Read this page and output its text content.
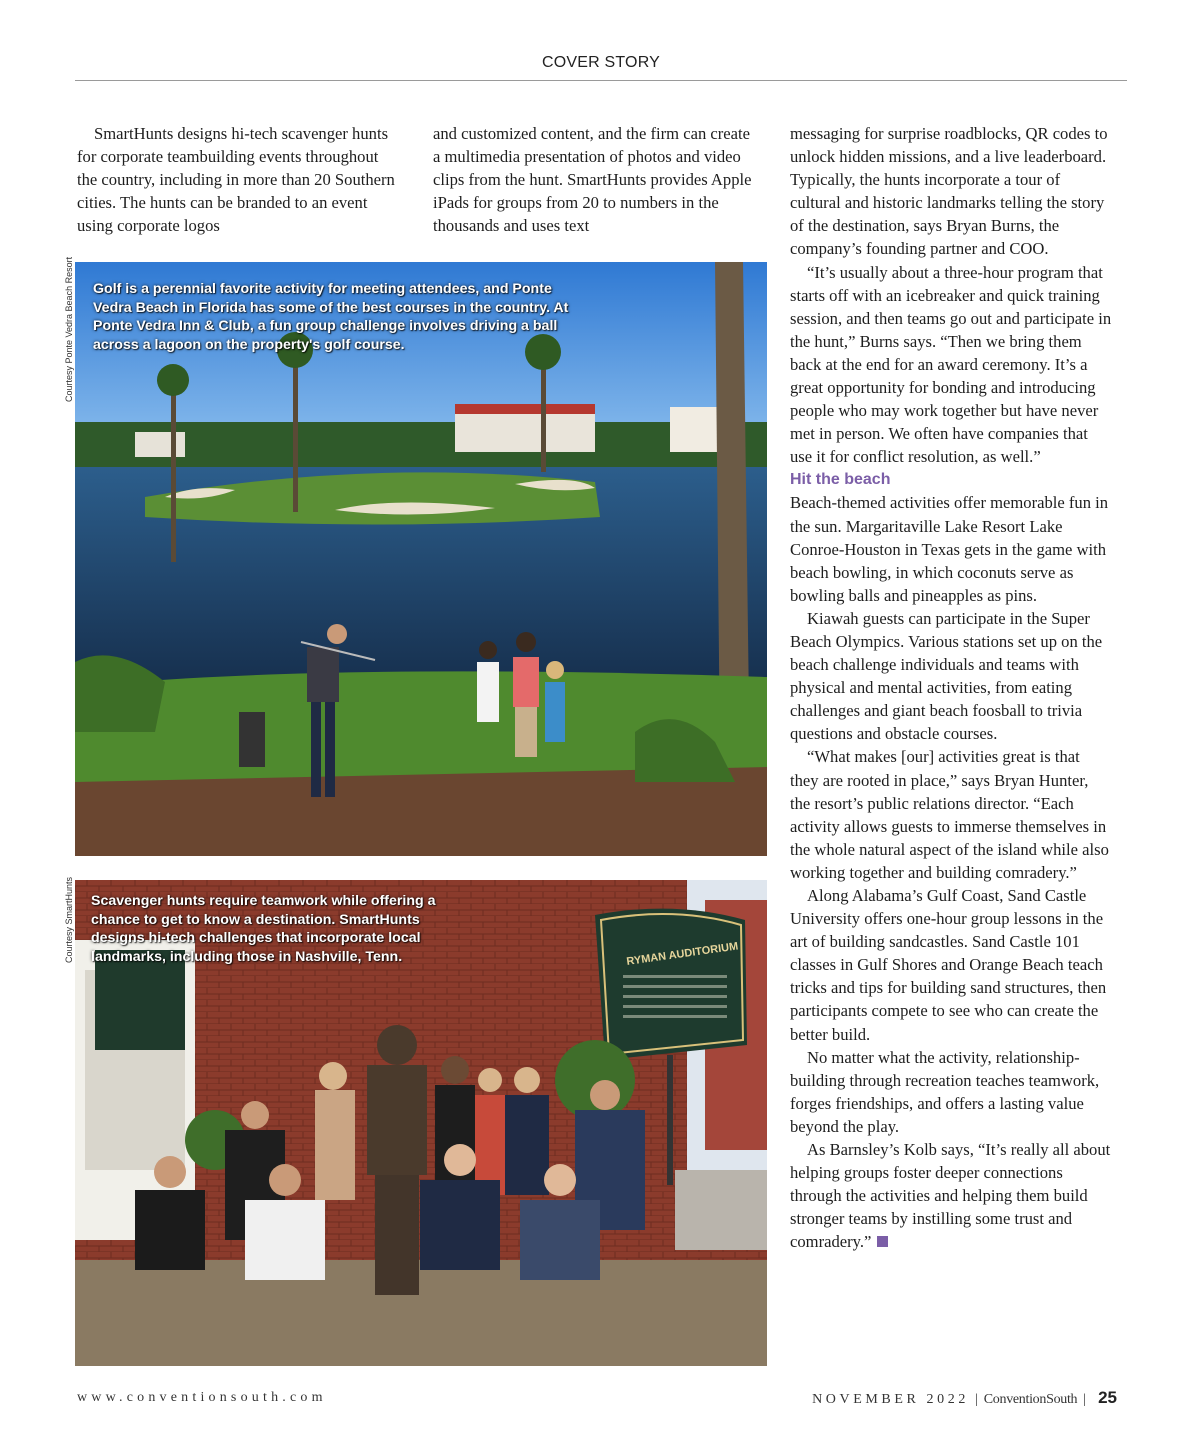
COVER STORY

SmartHunts designs hi-tech scavenger hunts for corporate teambuilding events throughout the country, including in more than 20 Southern cities. The hunts can be branded to an event using corporate logos

and customized content, and the firm can create a multimedia presentation of photos and video clips from the hunt. SmartHunts provides Apple iPads for groups from 20 to numbers in the thousands and uses text

messaging for surprise roadblocks, QR codes to unlock hidden missions, and a live leaderboard. Typically, the hunts incorporate a tour of cultural and historic landmarks telling the story of the destination, says Bryan Burns, the company’s founding partner and COO.

“It’s usually about a three-hour program that starts off with an icebreaker and quick training session, and then teams go out and participate in the hunt,” Burns says. “Then we bring them back at the end for an award ceremony. It’s a great opportunity for bonding and introducing people who may work together but have never met in person. We often have companies that use it for conflict resolution, as well.”

Hit the beach

Beach-themed activities offer memorable fun in the sun. Margaritaville Lake Resort Lake Conroe-Houston in Texas gets in the game with beach bowling, in which coconuts serve as bowling balls and pineapples as pins.

Kiawah guests can participate in the Super Beach Olympics. Various stations set up on the beach challenge individuals and teams with physical and mental activities, from eating challenges and giant beach foosball to trivia questions and obstacle courses.

“What makes [our] activities great is that they are rooted in place,” says Bryan Hunter, the resort’s public relations director. “Each activity allows guests to immerse themselves in the whole natural aspect of the island while also working together and building comradery.”

Along Alabama’s Gulf Coast, Sand Castle University offers one-hour group lessons in the art of building sandcastles. Sand Castle 101 classes in Gulf Shores and Orange Beach teach tricks and tips for building sand structures, then participants compete to see who can create the better build.

No matter what the activity, relationship-building through recreation teaches teamwork, forges friendships, and offers a lasting value beyond the play.

As Barnsley’s Kolb says, “It’s really all about helping groups foster deeper connections through the activities and helping them build stronger teams by instilling some trust and comradery.”

Courtesy Ponte Vedra Beach Resort Golf is a perennial favorite activity for meeting attendees, and Ponte Vedra Beach in Florida has some of the best courses in the country. At Ponte Vedra Inn & Club, a fun group challenge involves driving a ball across a lagoon on the property's golf course.
Courtesy SmartHunts	RYMAN AUDITORIUM
Scavenger hunts require teamwork while offering a chance to get to know a destination. SmartHunts designs hi-tech challenges that incorporate local landmarks, including those in Nashville, Tenn.
www.conventionsouth.com	NOVEMBER 2022 | ConventionSouth | 25
